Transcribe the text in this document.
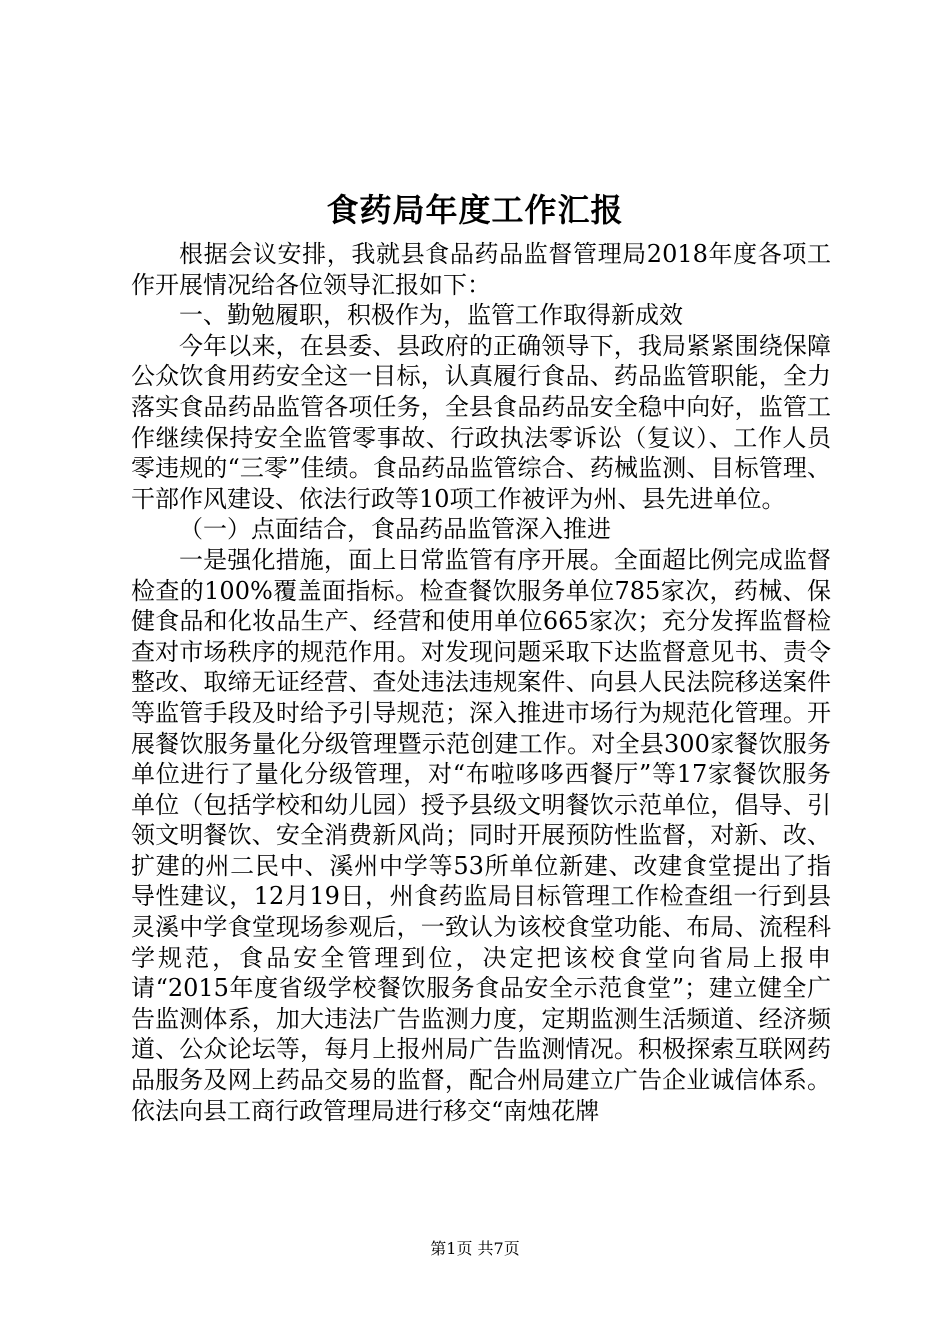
食药局年度工作汇报

根据会议安排，我就县食品药品监督管理局2018年度各项工作开展情况给各位领导汇报如下：

一、勤勉履职，积极作为，监管工作取得新成效

今年以来，在县委、县政府的正确领导下，我局紧紧围绕保障公众饮食用药安全这一目标，认真履行食品、药品监管职能，全力落实食品药品监管各项任务，全县食品药品安全稳中向好，监管工作继续保持安全监管零事故、行政执法零诉讼（复议）、工作人员零违规的“三零”佳绩。食品药品监管综合、药械监测、目标管理、干部作风建设、依法行政等10项工作被评为州、县先进单位。

（一）点面结合，食品药品监管深入推进

一是强化措施，面上日常监管有序开展。全面超比例完成监督检查的100%覆盖面指标。检查餐饮服务单位785家次，药械、保健食品和化妆品生产、经营和使用单位665家次；充分发挥监督检查对市场秩序的规范作用。对发现问题采取下达监督意见书、责令整改、取缔无证经营、查处违法违规案件、向县人民法院移送案件等监管手段及时给予引导规范；深入推进市场行为规范化管理。开展餐饮服务量化分级管理暨示范创建工作。对全县300家餐饮服务单位进行了量化分级管理，对“布啦哆哆西餐厅”等17家餐饮服务单位（包括学校和幼儿园）授予县级文明餐饮示范单位，倡导、引领文明餐饮、安全消费新风尚；同时开展预防性监督，对新、改、扩建的州二民中、溪州中学等53所单位新建、改建食堂提出了指导性建议，12月19日，州食药监局目标管理工作检查组一行到县灵溪中学食堂现场参观后，一致认为该校食堂功能、布局、流程科学规范，食品安全管理到位，决定把该校食堂向省局上报申请“2015年度省级学校餐饮服务食品安全示范食堂”；建立健全广告监测体系，加大违法广告监测力度，定期监测生活频道、经济频道、公众论坛等，每月上报州局广告监测情况。积极探索互联网药品服务及网上药品交易的监督，配合州局建立广告企业诚信体系。依法向县工商行政管理局进行移交“南烛花牌

第1页 共7页
